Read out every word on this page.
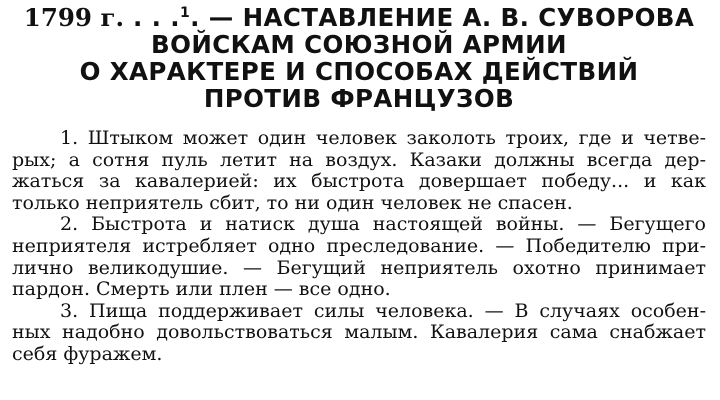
1799 г. . . .$^1$. — НАСТАВЛЕНИЕ А. В. СУВОРОВА
ВОЙСКАМ СОЮЗНОЙ АРМИИ
О ХАРАКТЕРЕ И СПОСОБАХ ДЕЙСТВИЙ
ПРОТИВ ФРАНЦУЗОВ

1. Штыком может один человек заколоть троих, где и четве-
рых; а сотня пуль летит на воздух. Казаки должны всегда дер-
жаться за кавалерией: их быстрота довершает победу... и как
только неприятель сбит, то ни один человек не спасен.

2. Быстрота и натиск душа настоящей войны. — Бегущего
неприятеля истребляет одно преследование. — Победителю при-
лично великодушие. — Бегущий неприятель охотно принимает
пардон. Смерть или плен — все одно.

3. Пища поддерживает силы человека. — В случаях особен-
ных надобно довольствоваться малым. Кавалерия сама снабжает
себя фуражем.
